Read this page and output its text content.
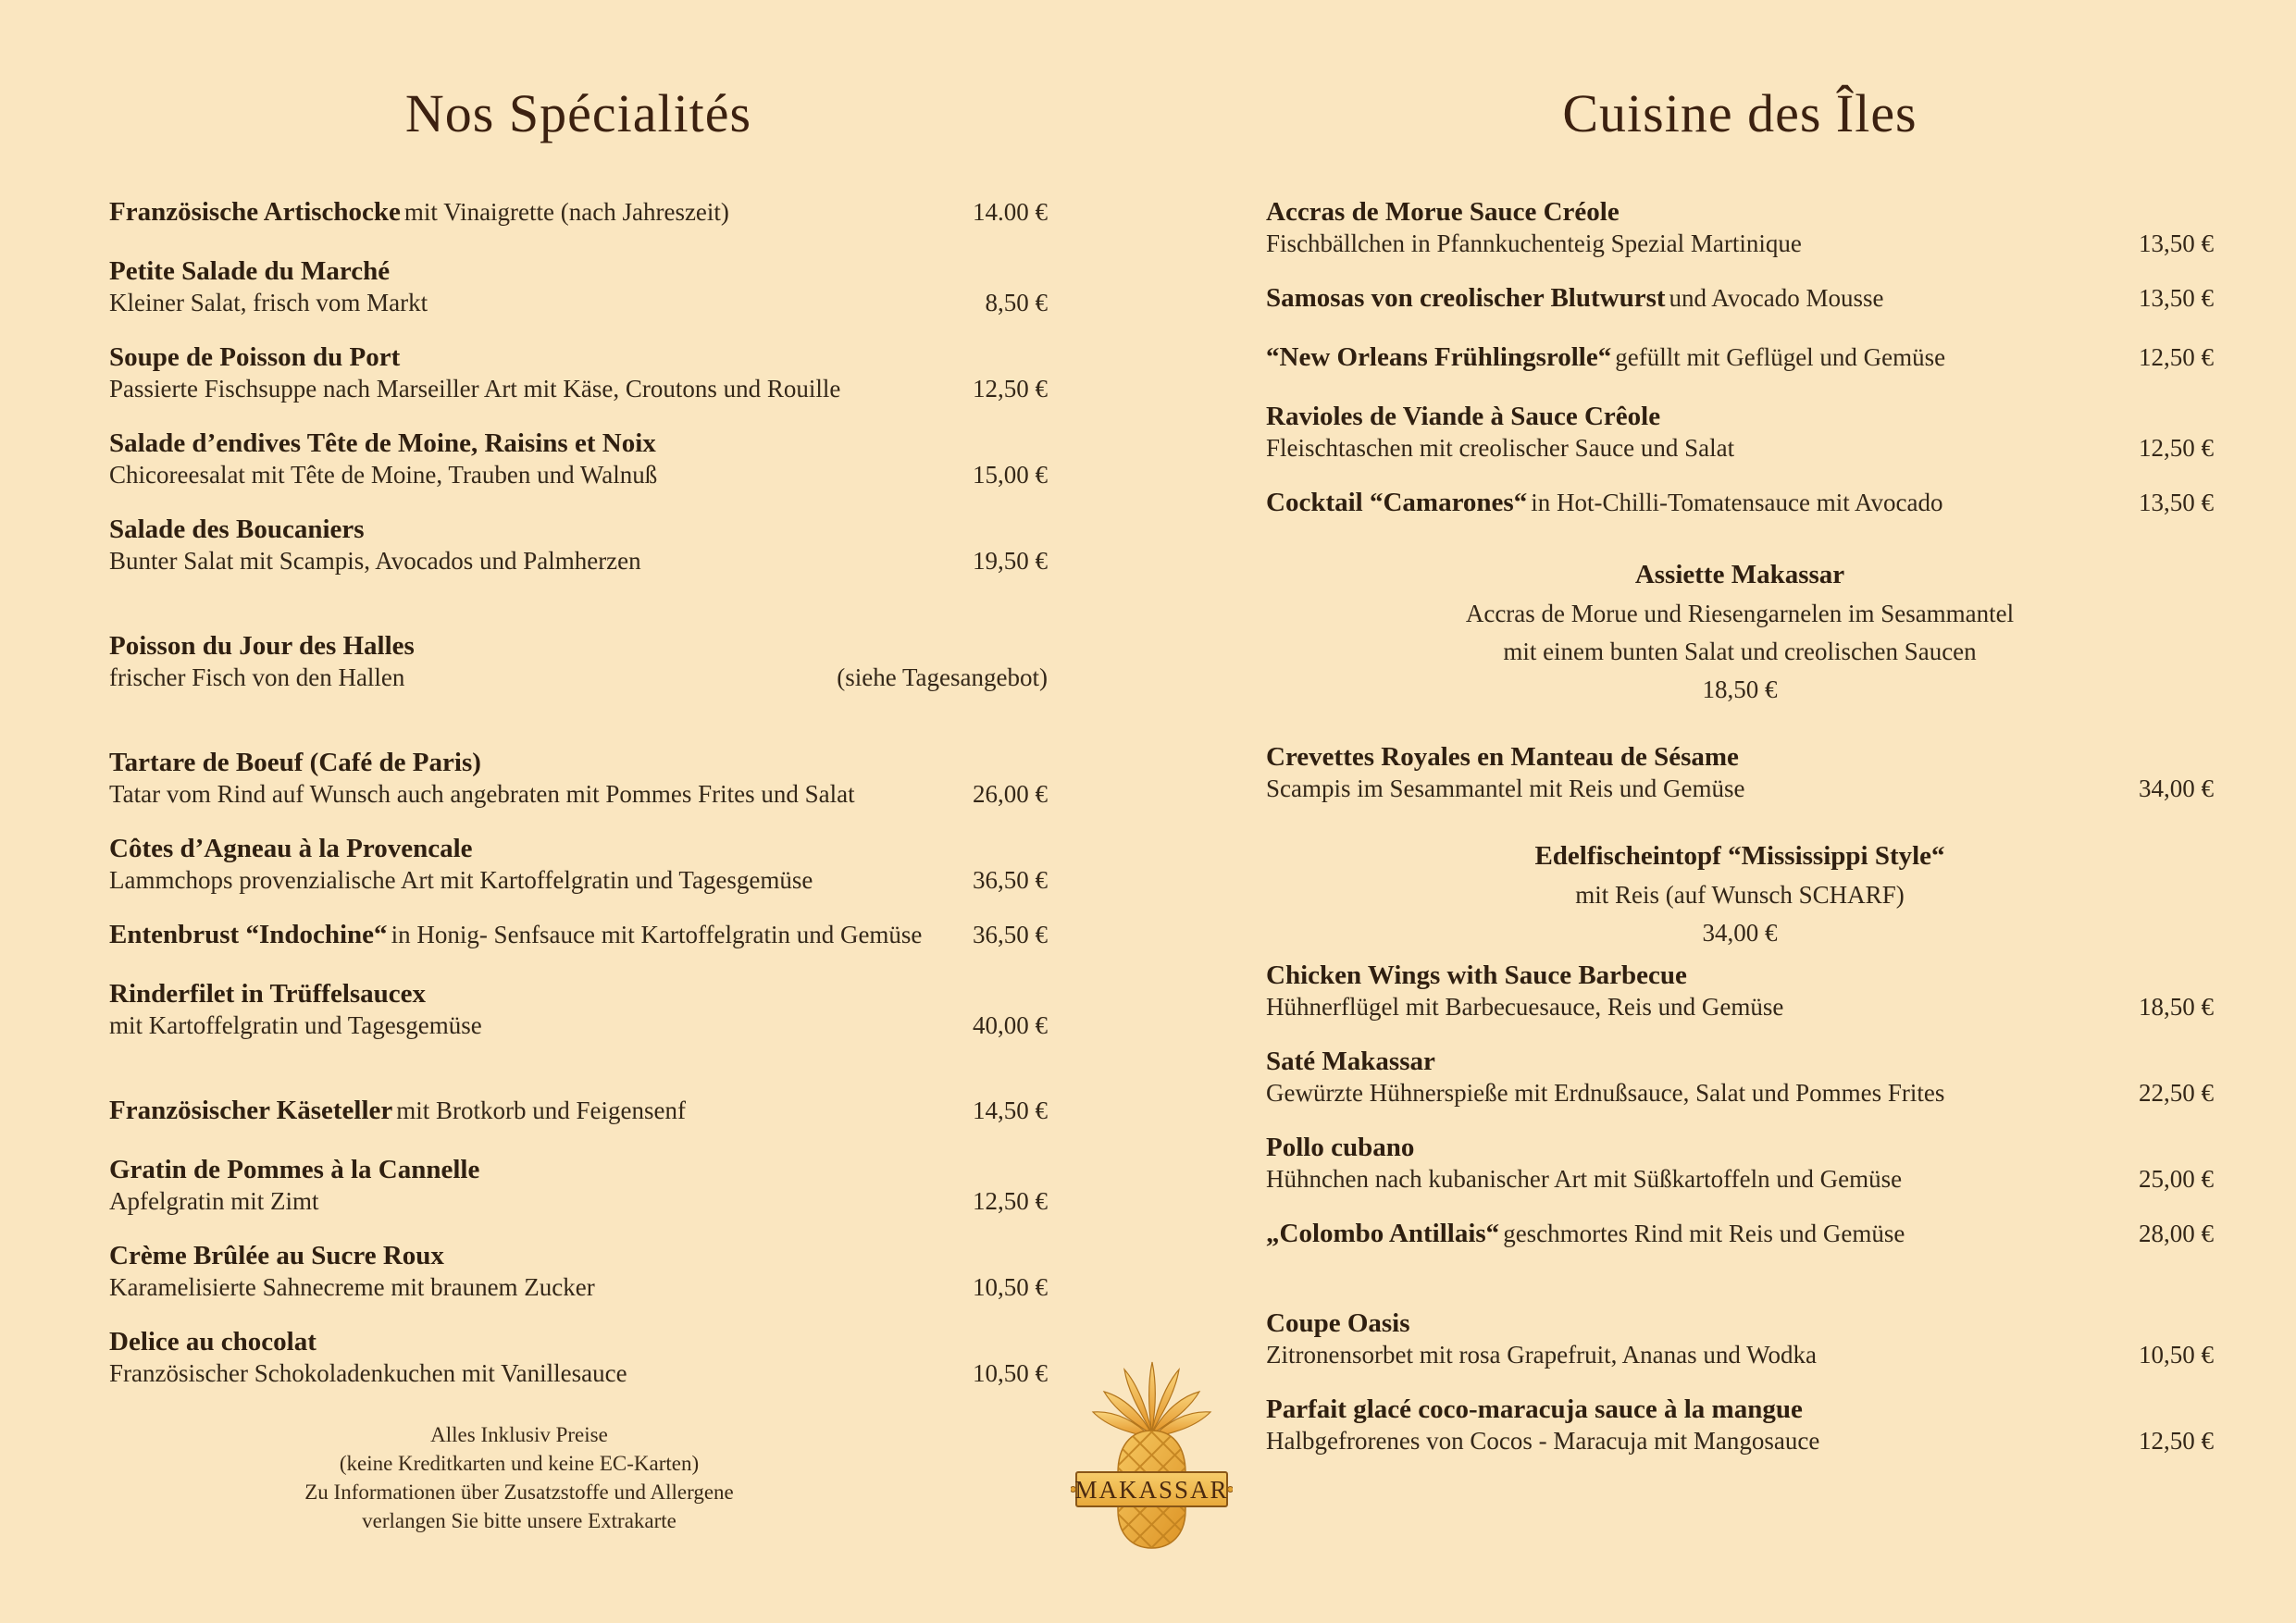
Nos Spécialités
Französische Artischocke mit Vinaigrette (nach Jahreszeit)	14.00 €
Petite Salade du Marché
Kleiner Salat, frisch vom Markt	8,50 €
Soupe de Poisson du Port
Passierte Fischsuppe nach Marseiller Art mit Käse, Croutons und Rouille	12,50 €
Salade d’endives Tête de Moine, Raisins et Noix
Chicoreesalat mit Tête de Moine, Trauben und Walnuß	15,00 €
Salade des Boucaniers
Bunter Salat mit Scampis, Avocados und Palmherzen	19,50 €
Poisson du Jour des Halles
frischer Fisch von den Hallen	(siehe Tagesangebot)
Tartare de Boeuf (Café de Paris)
Tatar vom Rind auf Wunsch auch angebraten mit Pommes Frites und Salat	26,00 €
Côtes d’Agneau à la Provencale
Lammchops provenzialische Art mit Kartoffelgratin und Tagesgemüse	36,50 €
Entenbrust “Indochine“ in Honig- Senfsauce mit Kartoffelgratin und Gemüse	36,50 €
Rinderfilet in Trüffelsaucex
mit Kartoffelgratin und Tagesgemüse	40,00 €
Französischer Käseteller mit Brotkorb und Feigensenf	14,50 €
Gratin de Pommes à la Cannelle
Apfelgratin mit Zimt	12,50 €
Crème Brûlée au Sucre Roux
Karamelisierte Sahnecreme mit braunem Zucker	10,50 €
Delice au chocolat
Französischer Schokoladenkuchen mit Vanillesauce	10,50 €
Alles Inklusiv Preise
(keine Kreditkarten und keine EC-Karten)
Zu Informationen über Zusatzstoffe und Allergene
verlangen Sie bitte unsere Extrakarte
Cuisine des Îles
Accras de Morue Sauce Créole
Fischbällchen in Pfannkuchenteig Spezial Martinique	13,50 €
Samosas von creolischer Blutwurst und Avocado Mousse	13,50 €
“New Orleans Frühlingsrolle“ gefüllt mit Geflügel und Gemüse	12,50 €
Ravioles de Viande à Sauce Crêole
Fleischtaschen mit creolischer Sauce und Salat	12,50 €
Cocktail “Camarones“ in Hot-Chilli-Tomatensauce mit Avocado	13,50 €
Assiette Makassar
Accras de Morue und Riesengarnelen im Sesammantel
mit einem bunten Salat und creolischen Saucen
18,50 €
Crevettes Royales en Manteau de Sésame
Scampis im Sesammantel mit Reis und Gemüse	34,00 €
Edelfischeintopf “Mississippi Style“
mit Reis (auf Wunsch SCHARF)
34,00 €
Chicken Wings with Sauce Barbecue
Hühnerflügel mit Barbecuesauce, Reis und Gemüse	18,50 €
Saté Makassar
Gewürzte Hühnerspieße mit Erdnußsauce, Salat und Pommes Frites	22,50 €
Pollo cubano
Hühnchen nach kubanischer Art mit Süßkartoffeln und Gemüse	25,00 €
„Colombo Antillais“ geschmortes Rind mit Reis und Gemüse	28,00 €
Coupe Oasis
Zitronensorbet mit rosa Grapefruit, Ananas und Wodka	10,50 €
Parfait glacé coco-maracuja sauce à la mangue
Halbgefrorenes von Cocos - Maracuja mit Mangosauce	12,50 €
MAKASSAR
